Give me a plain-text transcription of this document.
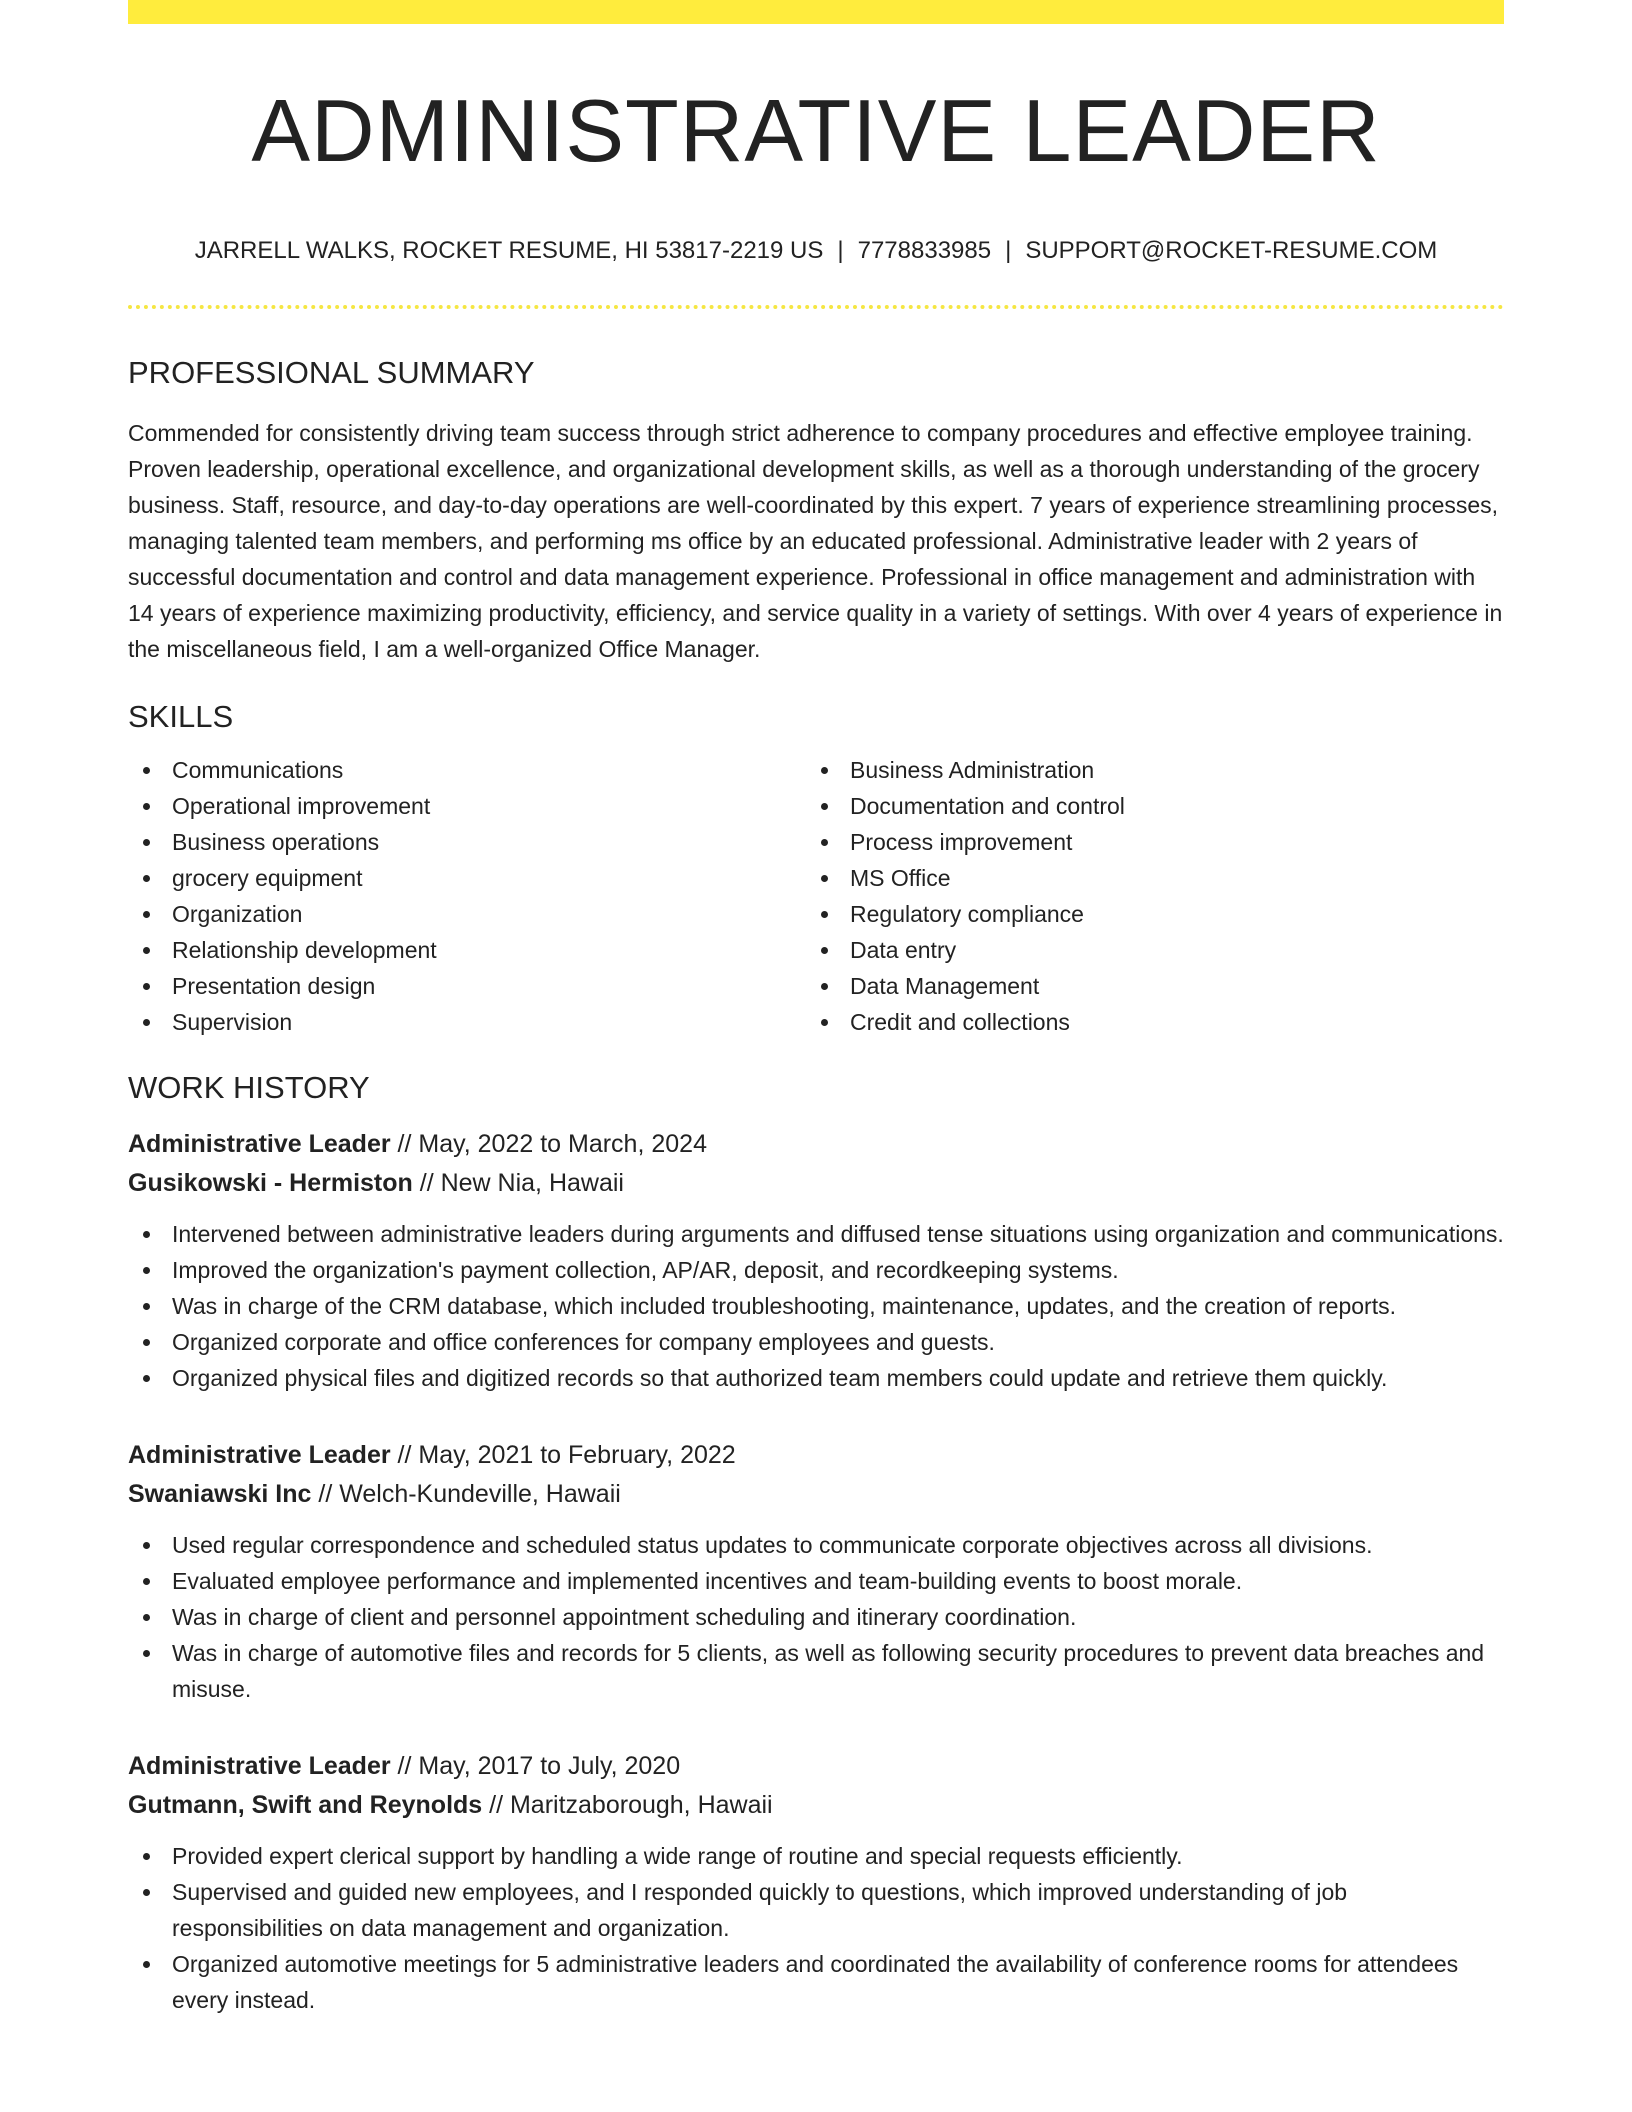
ADMINISTRATIVE LEADER
JARRELL WALKS, ROCKET RESUME, HI 53817-2219 US | 7778833985 | SUPPORT@ROCKET-RESUME.COM
PROFESSIONAL SUMMARY

Commended for consistently driving team success through strict adherence to company procedures and effective employee training. Proven leadership, operational excellence, and organizational development skills, as well as a thorough understanding of the grocery business. Staff, resource, and day-to-day operations are well-coordinated by this expert. 7 years of experience streamlining processes, managing talented team members, and performing ms office by an educated professional. Administrative leader with 2 years of successful documentation and control and data management experience. Professional in office management and administration with 14 years of experience maximizing productivity, efficiency, and service quality in a variety of settings. With over 4 years of experience in the miscellaneous field, I am a well-organized Office Manager.

SKILLS
Communications
Operational improvement
Business operations
grocery equipment
Organization
Relationship development
Presentation design
Supervision
Business Administration
Documentation and control
Process improvement
MS Office
Regulatory compliance
Data entry
Data Management
Credit and collections
WORK HISTORY
Administrative Leader // May, 2022 to March, 2024
Gusikowski - Hermiston // New Nia, Hawaii
Intervened between administrative leaders during arguments and diffused tense situations using organization and communications.
Improved the organization's payment collection, AP/AR, deposit, and recordkeeping systems.
Was in charge of the CRM database, which included troubleshooting, maintenance, updates, and the creation of reports.
Organized corporate and office conferences for company employees and guests.
Organized physical files and digitized records so that authorized team members could update and retrieve them quickly.
Administrative Leader // May, 2021 to February, 2022
Swaniawski Inc // Welch-Kundeville, Hawaii
Used regular correspondence and scheduled status updates to communicate corporate objectives across all divisions.
Evaluated employee performance and implemented incentives and team-building events to boost morale.
Was in charge of client and personnel appointment scheduling and itinerary coordination.
Was in charge of automotive files and records for 5 clients, as well as following security procedures to prevent data breaches and misuse.
Administrative Leader // May, 2017 to July, 2020
Gutmann, Swift and Reynolds // Maritzaborough, Hawaii
Provided expert clerical support by handling a wide range of routine and special requests efficiently.
Supervised and guided new employees, and I responded quickly to questions, which improved understanding of job responsibilities on data management and organization.
Organized automotive meetings for 5 administrative leaders and coordinated the availability of conference rooms for attendees every instead.
